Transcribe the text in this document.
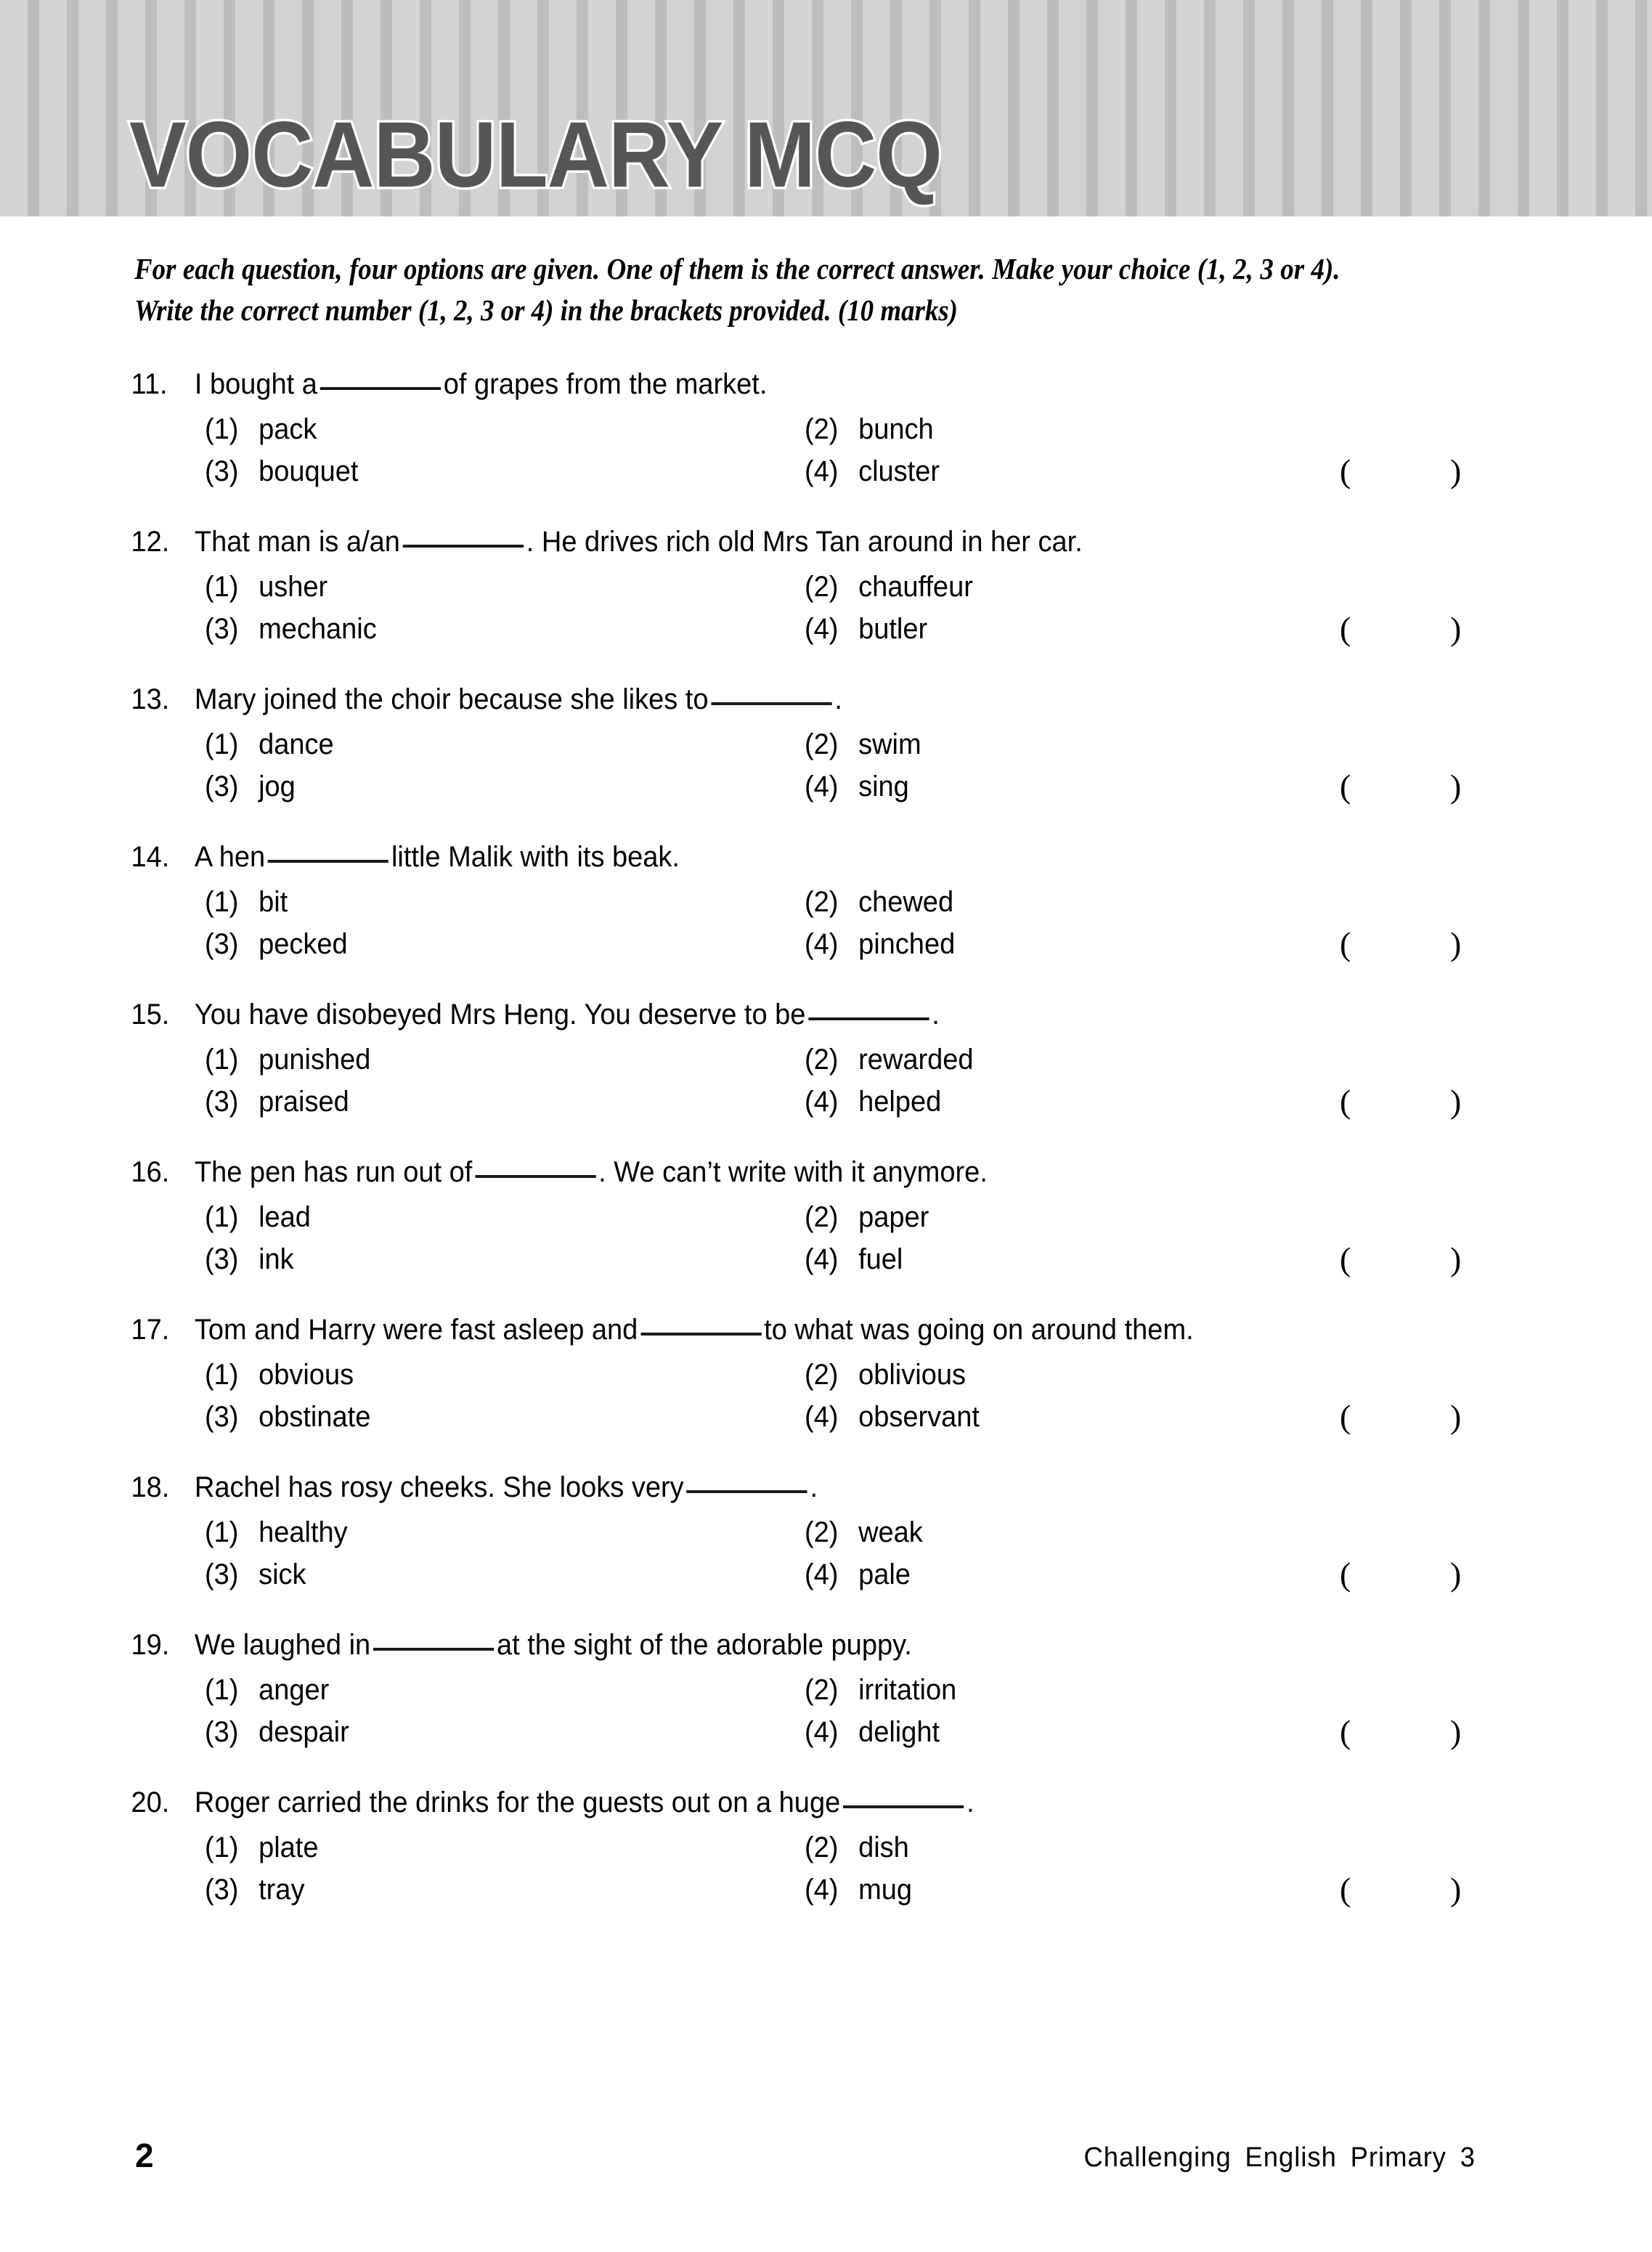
VOCABULARY MCQ

For each question, four options are given. One of them is the correct answer. Make your choice (1, 2, 3 or 4). Write the correct number (1, 2, 3 or 4) in the brackets provided. (10 marks)

11. I bought a	of grapes from the market.
(1) pack	(2) bunch
(3) bouquet	(4) cluster	(	)
12. That man is a/an	. He drives rich old Mrs Tan around in her car.
(1) usher	(2) chauffeur
(3) mechanic	(4) butler	(	)
13. Mary joined the choir because she likes to	.
(1) dance	(2) swim
(3) jog	(4) sing	(	)
14. A hen	little Malik with its beak.
(1) bit	(2) chewed
(3) pecked	(4) pinched	(	)
15. You have disobeyed Mrs Heng. You deserve to be	.
(1) punished	(2) rewarded
(3) praised	(4) helped	(	)
16. The pen has run out of	. We can’t write with it anymore.
(1) lead	(2) paper
(3) ink	(4) fuel	(	)
17. Tom and Harry were fast asleep and	to what was going on around them.
(1) obvious	(2) oblivious
(3) obstinate	(4) observant	(	)
18. Rachel has rosy cheeks. She looks very	.
(1) healthy	(2) weak
(3) sick	(4) pale	(	)
19. We laughed in	at the sight of the adorable puppy.
(1) anger	(2) irritation
(3) despair	(4) delight	(	)
20. Roger carried the drinks for the guests out on a huge	.
(1) plate	(2) dish
(3) tray	(4) mug	(	)
2	Challenging English Primary 3
